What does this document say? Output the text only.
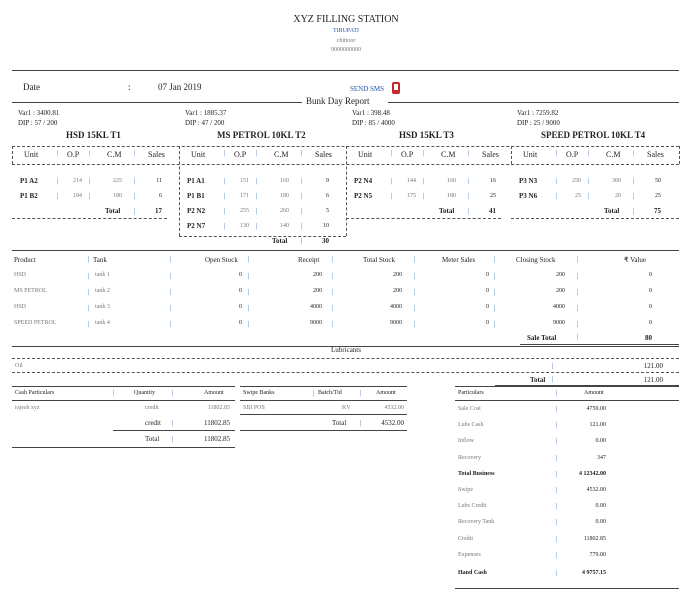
XYZ FILLING STATION
TIRUPATI
chittoor
9000000000
Date	:	07 Jan 2019	SEND SMS
Bunk Day Report
Var1 : 3400.81
DIP : 57 / 200
HSD 15KL T1
Var1 : 1885.37
DIP : 47 / 200
MS PETROL 10KL T2
Var1 : 398.48
DIP : 85 / 4000
HSD 15KL T3
Var1 : 7259.82
DIP : 25 / 9000
SPEED PETROL 10KL T4
Unit	| O.P | C.M | Sales
P1 A2	|	214 |	225 |	11
P1 B2	|	184 |	180 |	6
Total |	17
Unit	| O.P | C.M | Sales
P1 A1	|	151 |	160 |	9
P1 B1	|	171 |	180 |	6
P2 N2	|	255 |	260 |	5
P2 N7	|	130 |	140 |	10
Total |	30
Unit	| O.P | C.M | Sales
P2 N4	|	144 |	160 |	16
P2 N5	|	175 |	180 |	25
Total |	41
Unit	| O.P | C.M | Sales
P3 N3	|	250 |	300 |	50
P3 N6	|	25 |	20 |	25
Total |	75
Product	Tank	Open Stock	Receipt	Total Stock	Meter Sales	Closing Stock	₹ Value
|	|	|	|	|	|	|
HSD	tank 1	0	200	200	0	200	0
|	|	|	|	|	|	|
MS PETROL	tank 2	0	200	200	0	200	0
|	|	|	|	|	|	|
HSD	tank 3	0	4000	4000	0	4000	0
|	|	|	|	|	|	|
SPEED PETROL	tank 4	0	9000	9000	0	9000	0
|	|	|	|	|	|	|
Sale Total	|	80
Lubricants
Oil	|	121.00
Total |	121.00
Cash Particulars	|	Quantity |	Amount
rajesh xyz	credit	11802.85
credit |	11802.85
Total |	11802.85
Swipe Banks	| Batch/Tid	| Amount
SBI POS	KV	4532.00
Total |	4532.00
Particulars	|	Amount
Sale Cost	|	4759.00
Lubs Cash	|	121.00
Inflow	|	0.00
Recovery	|	347
Total Business	|	4 12342.00
Swipe	|	4532.00
Lubs Credit	|	0.00
Recovery Tank	|	0.00
Credit	|	11802.85
Expenses	|	779.00
Hand Cash	|	4 9757.15
